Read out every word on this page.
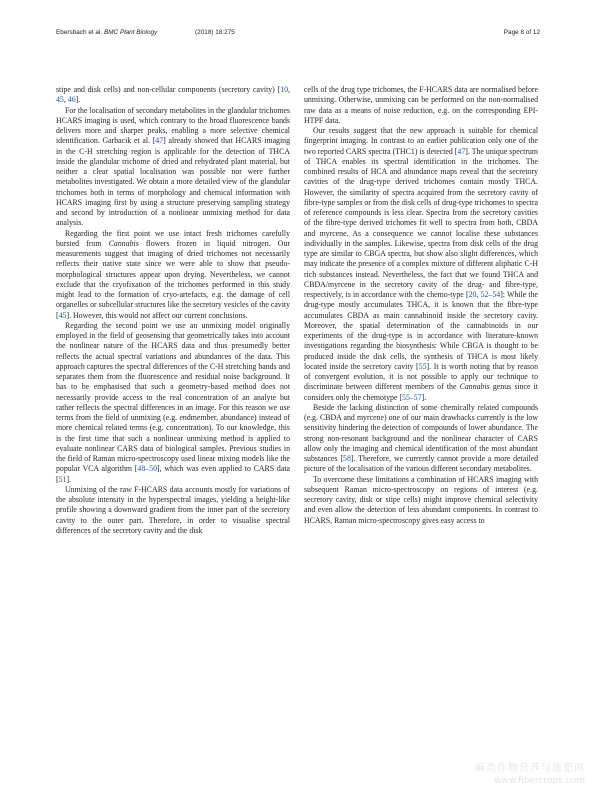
Ebersbach et al. BMC Plant Biology	(2018) 18:275	Page 8 of 12

stipe and disk cells) and non-cellular components (secretory cavity) [10, 45, 46].

For the localisation of secondary metabolites in the glandular trichomes HCARS imaging is used, which contrary to the broad fluorescence bands delivers more and sharper peaks, enabling a more selective chemical identification. Garbacik et al. [47] already showed that HCARS imaging in the C-H stretching region is applicable for the detection of THCA inside the glandular trichome of dried and rehydrated plant material, but neither a clear spatial localisation was possible nor were further metabolites investigated. We obtain a more detailed view of the glandular trichomes both in terms of morphology and chemical information with HCARS imaging first by using a structure preserving sampling strategy and second by introduction of a nonlinear unmixing method for data analysis.

Regarding the first point we use intact fresh trichomes carefully bursted from Cannabis flowers frozen in liquid nitrogen. Our measurements suggest that imaging of dried trichomes not necessarily reflects their native state since we were able to show that pseudo-morphological structures appear upon drying. Nevertheless, we cannot exclude that the cryofixation of the trichomes performed in this study might lead to the formation of cryo-artefacts, e.g. the damage of cell organelles or subcellular structures like the secretory vesicles of the cavity [45]. However, this would not affect our current conclusions.

Regarding the second point we use an unmixing model originally employed in the field of geosensing that geometrically takes into account the nonlinear nature of the HCARS data and thus presumedly better reflects the actual spectral variations and abundances of the data. This approach captures the spectral differences of the C-H stretching bands and separates them from the fluorescence and residual noise background. It has to be emphasised that such a geometry-based method does not necessarily provide access to the real concentration of an analyte but rather reflects the spectral differences in an image. For this reason we use terms from the field of unmixing (e.g. endmember, abundance) instead of more chemical related terms (e.g. concentration). To our knowledge, this is the first time that such a nonlinear unmixing method is applied to evaluate nonlinear CARS data of biological samples. Previous studies in the field of Raman micro-spectroscopy used linear mixing models like the popular VCA algorithm [48–50], which was even applied to CARS data [51].

Unmixing of the raw F-HCARS data accounts mostly for variations of the absolute intensity in the hyperspectral images, yielding a height-like profile showing a downward gradient from the inner part of the secretory cavity to the outer part. Therefore, in order to visualise spectral differences of the secretory cavity and the disk

cells of the drug type trichomes, the F-HCARS data are normalised before unmixing. Otherwise, unmixing can be performed on the non-normalised raw data as a means of noise reduction, e.g. on the corresponding EPI-HTPF data.

Our results suggest that the new approach is suitable for chemical fingerprint imaging. In contrast to an earlier publication only one of the two reported CARS spectra (THC1) is detected [47]. The unique spectrum of THCA enables its spectral identification in the trichomes. The combined results of HCA and abundance maps reveal that the secretory cavities of the drug-type derived trichomes contain mostly THCA. However, the similarity of spectra acquired from the secretory cavity of fibre-type samples or from the disk cells of drug-type trichomes to spectra of reference compounds is less clear. Spectra from the secretory cavities of the fibre-type derived trichomes fit well to spectra from both, CBDA and myrcene. As a consequence we cannot localise these substances individually in the samples. Likewise, spectra from disk cells of the drug type are similar to CBGA spectra, but show also slight differences, which may indicate the presence of a complex mixture of different aliphatic C-H rich substances instead. Nevertheless, the fact that we found THCA and CBDA/myrcene in the secretory cavity of the drug- and fibre-type, respectively, is in accordance with the chemo-type [20, 52–54]: While the drug-type mostly accumulates THCA, it is known that the fibre-type accumulates CBDA as main cannabinoid inside the secretory cavity. Moreover, the spatial determination of the cannabinoids in our experiments of the drug-type is in accordance with literature-known investigations regarding the biosynthesis: While CBGA is thought to be produced inside the disk cells, the synthesis of THCA is most likely located inside the secretory cavity [55]. It is worth noting that by reason of convergent evolution, it is not possible to apply our technique to discriminate between different members of the Cannabis genus since it considers only the chemotype [55–57].

Beside the lacking distinction of some chemically related compounds (e.g. CBDA and myrcene) one of our main drawbacks currently is the low sensitivity hindering the detection of compounds of lower abundance. The strong non-resonant background and the nonlinear character of CARS allow only the imaging and chemical identification of the most abundant substances [58]. Therefore, we currently cannot provide a more detailed picture of the localisation of the various different secondary metabolites.

To overcome these limitations a combination of HCARS imaging with subsequent Raman micro-spectroscopy on regions of interest (e.g. secretory cavity, disk or stipe cells) might improve chemical selectivity and even allow the detection of less abundant components. In contrast to HCARS, Raman micro-spectroscopy gives easy access to

麻类作物营养与施肥网
www.fibercrops.com
